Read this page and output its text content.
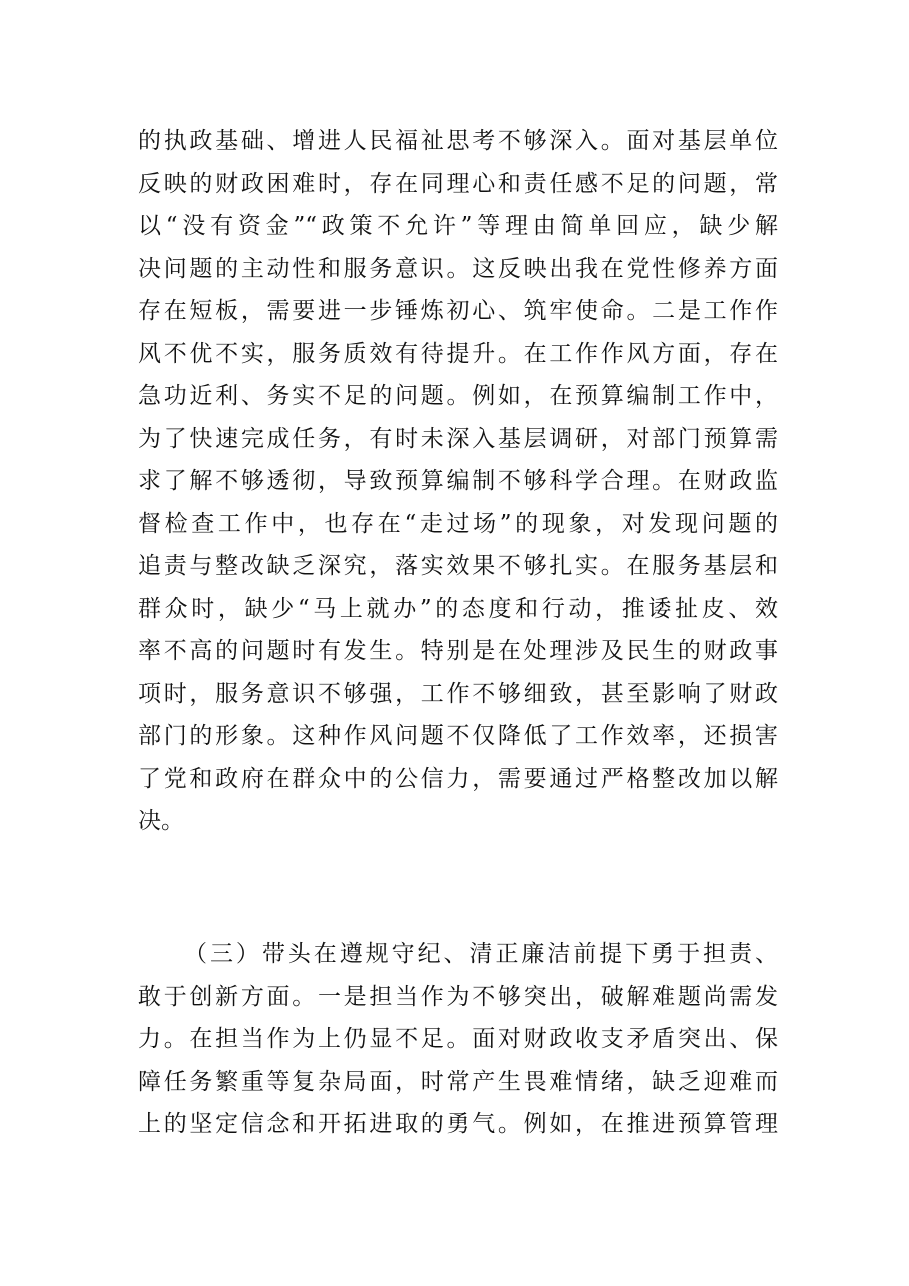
的执政基础、增进人民福祉思考不够深入。面对基层单位
反映的财政困难时，存在同理心和责任感不足的问题，常
以“没有资金”“政策不允许”等理由简单回应，缺少解
决问题的主动性和服务意识。这反映出我在党性修养方面
存在短板，需要进一步锤炼初心、筑牢使命。二是工作作
风不优不实，服务质效有待提升。在工作作风方面，存在
急功近利、务实不足的问题。例如，在预算编制工作中，
为了快速完成任务，有时未深入基层调研，对部门预算需
求了解不够透彻，导致预算编制不够科学合理。在财政监
督检查工作中，也存在“走过场”的现象，对发现问题的
追责与整改缺乏深究，落实效果不够扎实。在服务基层和
群众时，缺少“马上就办”的态度和行动，推诿扯皮、效
率不高的问题时有发生。特别是在处理涉及民生的财政事
项时，服务意识不够强，工作不够细致，甚至影响了财政
部门的形象。这种作风问题不仅降低了工作效率，还损害
了党和政府在群众中的公信力，需要通过严格整改加以解
决。
（三）带头在遵规守纪、清正廉洁前提下勇于担责、
敢于创新方面。一是担当作为不够突出，破解难题尚需发
力。在担当作为上仍显不足。面对财政收支矛盾突出、保
障任务繁重等复杂局面，时常产生畏难情绪，缺乏迎难而
上的坚定信念和开拓进取的勇气。例如，在推进预算管理
